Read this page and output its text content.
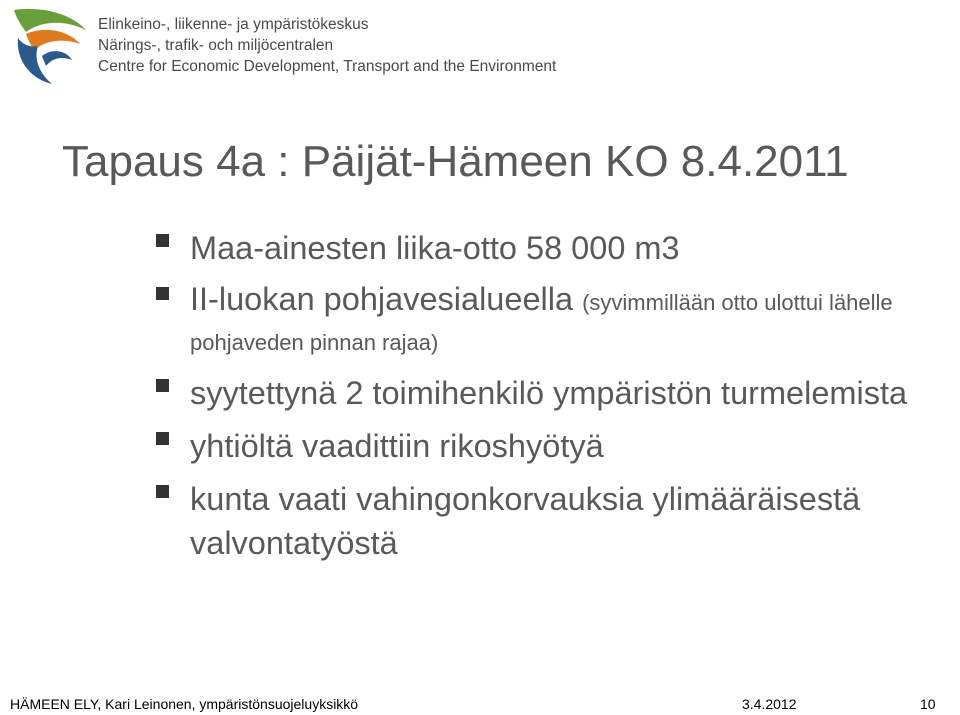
Elinkeino-, liikenne- ja ympäristökeskus
Närings-, trafik- och miljöcentralen
Centre for Economic Development, Transport and the Environment
Tapaus 4a : Päijät-Hämeen KO 8.4.2011
Maa-ainesten liika-otto 58 000 m3
II-luokan pohjavesialueella (syvimmillään otto ulottui lähelle pohjaveden pinnan rajaa)
syytettynä 2 toimihenkilö ympäristön turmelemista
yhtiöltä vaadittiin rikoshyötyä
kunta vaati vahingonkorvauksia ylimääräisestä valvontatyöstä
HÄMEEN ELY, Kari Leinonen, ympäristönsuojeluyksikkö	3.4.2012	10
